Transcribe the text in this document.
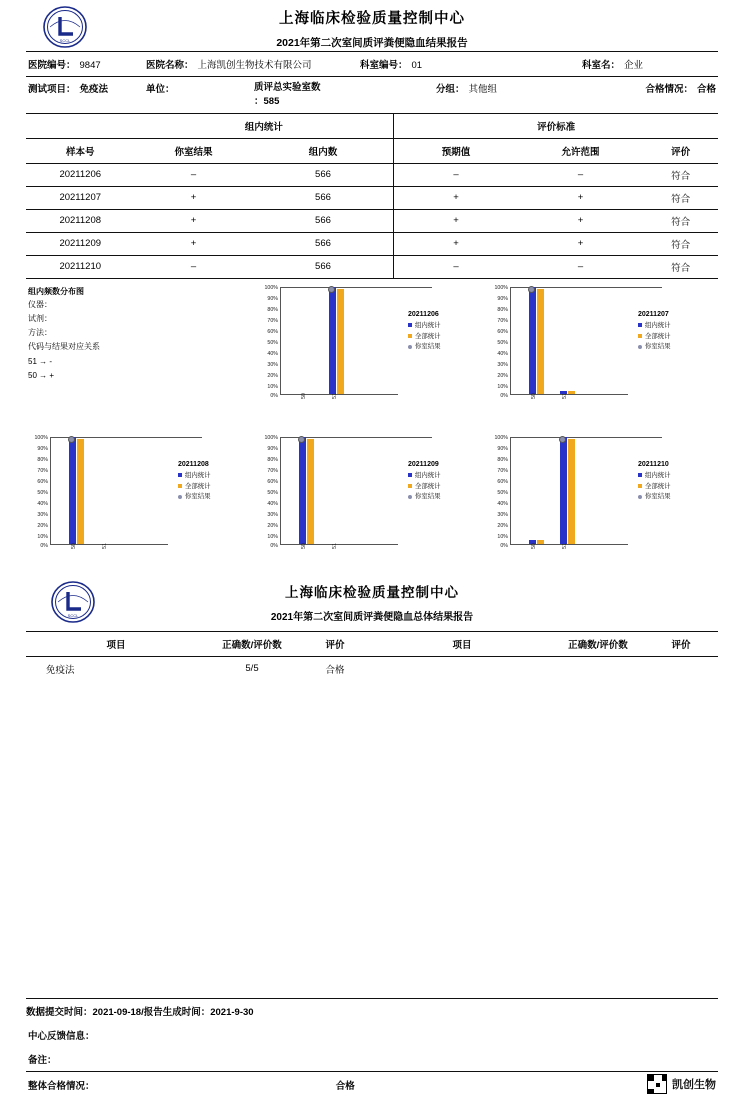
SCCL
上海临床检验质量控制中心
2021年第二次室间质评粪便隐血结果报告
医院编号： 9847	医院名称： 上海凯创生物技术有限公司	科室编号： 01	科室名： 企业
测试项目： 免疫法	单位：	质评总实验室数
：585
分组： 其他组	合格情况： 合格
	组内统计		评价标准		
样本号	你室结果	组内数	预期值	允许范围	评价
20211206	–	566	–	–	符合
20211207	+	566	+	+	符合
20211208	+	566	+	+	符合
20211209	+	566	+	+	符合
20211210	–	566	–	–	符合
组内频数分布图
仪器：
试剂：
方法：
代码与结果对应关系
51 → -
50 → +
50	51
100%
90%
80%
70%
60%
50%
40%
30%
20%
10%
0%
20211206
组内统计
全部统计
你室结果
50	51
100%
90%
80%
70%
60%
50%
40%
30%
20%
10%
0%
20211207
组内统计
全部统计
你室结果
50	51
100%
90%
80%
70%
60%
50%
40%
30%
20%
10%
0%
20211208
组内统计
全部统计
你室结果
50	51
100%
90%
80%
70%
60%
50%
40%
30%
20%
10%
0%
20211209
组内统计
全部统计
你室结果
50	51
100%
90%
80%
70%
60%
50%
40%
30%
20%
10%
0%
20211210
组内统计
全部统计
你室结果
SCCL
上海临床检验质量控制中心
2021年第二次室间质评粪便隐血总体结果报告
项目	正确数/评价数	评价	项目	正确数/评价数	评价
免疫法	5/5	合格			
数据提交时间：2021-09-18/报告生成时间：2021-9-30
中心反馈信息：
备注：
整体合格情况：	合格	凯创生物
